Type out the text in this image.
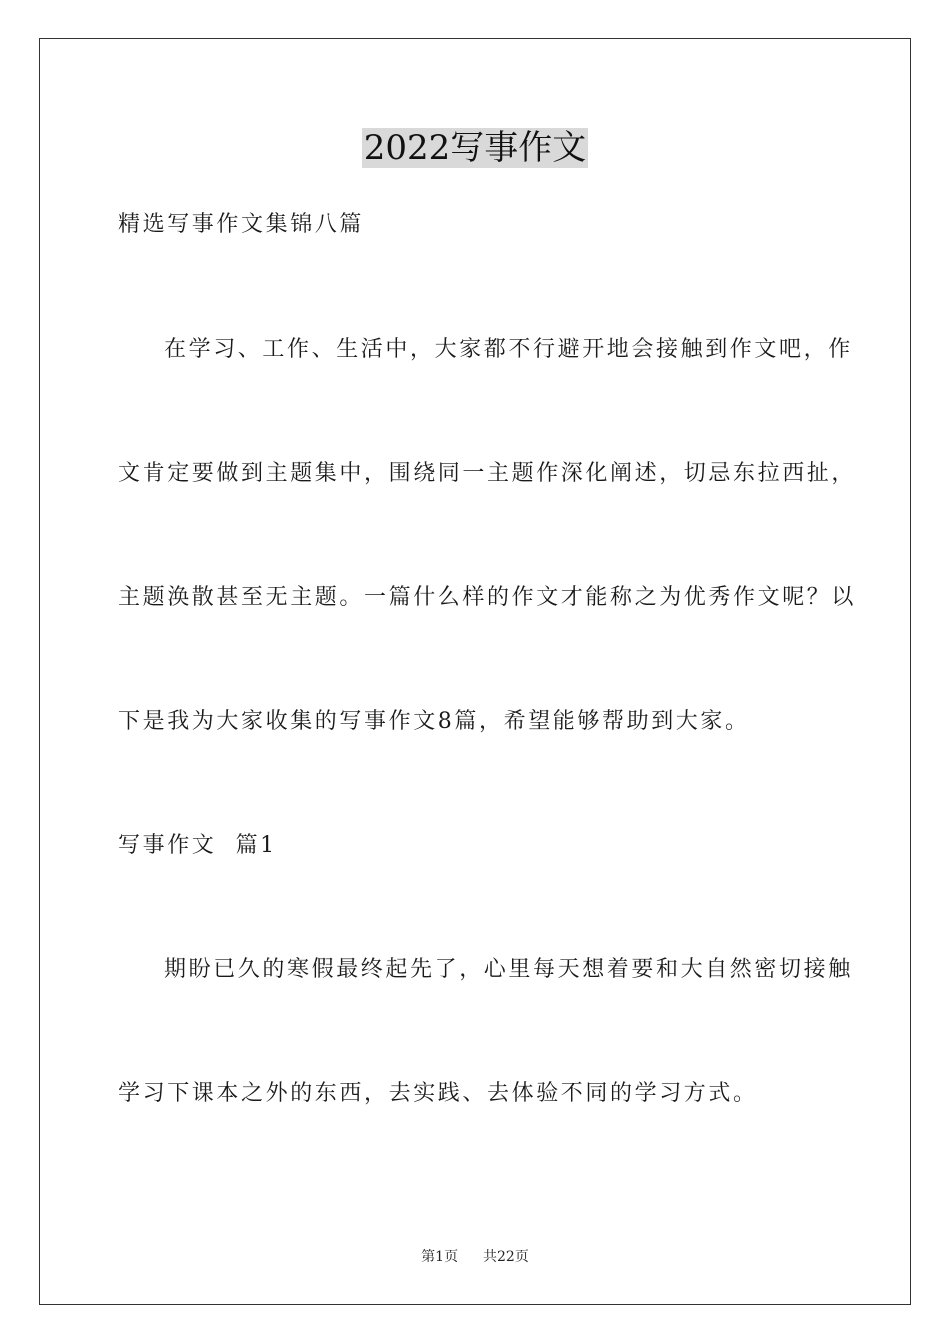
2022写事作文
精选写事作文集锦八篇
在学习、工作、生活中，大家都不行避开地会接触到作文吧，作
文肯定要做到主题集中，围绕同一主题作深化阐述，切忌东拉西扯，
主题涣散甚至无主题。一篇什么样的作文才能称之为优秀作文呢？以
下是我为大家收集的写事作文8篇，希望能够帮助到大家。
写事作文  篇1
期盼已久的寒假最终起先了，心里每天想着要和大自然密切接触
学习下课本之外的东西，去实践、去体验不同的学习方式。
第1页 共22页
